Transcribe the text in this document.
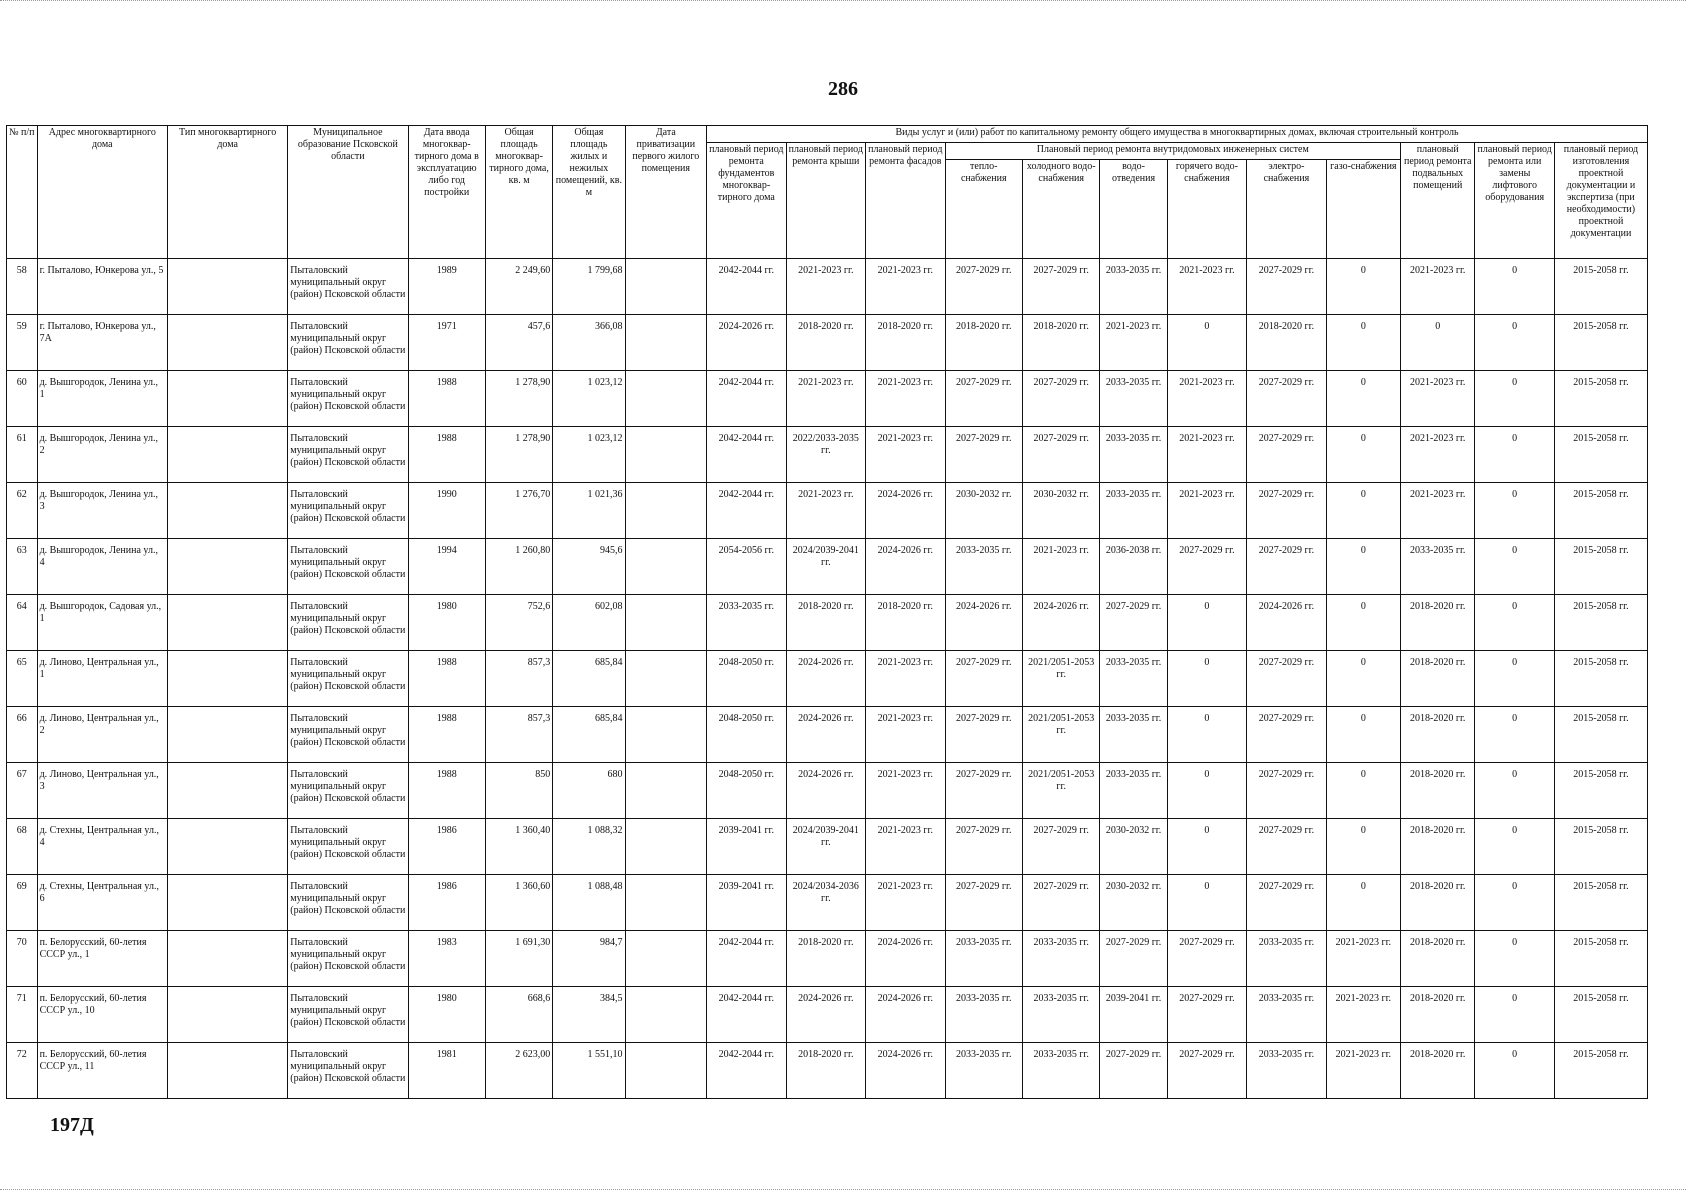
286
№ п/п	Адрес многоквартирного дома	Тип многоквартирного дома	Муниципальное образование Псковской области	Дата ввода многоквар-тирного дома в эксплуатацию либо год постройки	Общая площадь многоквар-тирного дома, кв. м	Общая площадь жилых и нежилых помещений, кв. м	Дата приватизации первого жилого помещения	Виды услуг и (или) работ по капитальному ремонту общего имущества в многоквартирных домах, включая строительный контроль											
								плановый период ремонта фундаментов многоквар-тирного дома	плановый период ремонта крыши	плановый период ремонта фасадов	Плановый период ремонта внутридомовых инженерных систем						плановый период ремонта подвальных помещений	плановый период ремонта или замены лифтового оборудования	плановый период изготовления проектной документации и экспертиза (при необходимости) проектной документации
											тепло-снабжения	холодного водо-снабжения	водо-отведения	горячего водо-снабжения	электро-снабжения	газо-снабжения			
58	г. Пыталово, Юнкерова ул., 5		Пыталовский муниципальный округ (район) Псковской области	1989	2 249,60	1 799,68		2042-2044 гг.	2021-2023 гг.	2021-2023 гг.	2027-2029 гг.	2027-2029 гг.	2033-2035 гг.	2021-2023 гг.	2027-2029 гг.	0	2021-2023 гг.	0	2015-2058 гг.
59	г. Пыталово, Юнкерова ул., 7А		Пыталовский муниципальный округ (район) Псковской области	1971	457,6	366,08		2024-2026 гг.	2018-2020 гг.	2018-2020 гг.	2018-2020 гг.	2018-2020 гг.	2021-2023 гг.	0	2018-2020 гг.	0	0	0	2015-2058 гг.
60	д. Вышгородок, Ленина ул., 1		Пыталовский муниципальный округ (район) Псковской области	1988	1 278,90	1 023,12		2042-2044 гг.	2021-2023 гг.	2021-2023 гг.	2027-2029 гг.	2027-2029 гг.	2033-2035 гг.	2021-2023 гг.	2027-2029 гг.	0	2021-2023 гг.	0	2015-2058 гг.
61	д. Вышгородок, Ленина ул., 2		Пыталовский муниципальный округ (район) Псковской области	1988	1 278,90	1 023,12		2042-2044 гг.	2022/2033-2035 гг.	2021-2023 гг.	2027-2029 гг.	2027-2029 гг.	2033-2035 гг.	2021-2023 гг.	2027-2029 гг.	0	2021-2023 гг.	0	2015-2058 гг.
62	д. Вышгородок, Ленина ул., 3		Пыталовский муниципальный округ (район) Псковской области	1990	1 276,70	1 021,36		2042-2044 гг.	2021-2023 гг.	2024-2026 гг.	2030-2032 гг.	2030-2032 гг.	2033-2035 гг.	2021-2023 гг.	2027-2029 гг.	0	2021-2023 гг.	0	2015-2058 гг.
63	д. Вышгородок, Ленина ул., 4		Пыталовский муниципальный округ (район) Псковской области	1994	1 260,80	945,6		2054-2056 гг.	2024/2039-2041 гг.	2024-2026 гг.	2033-2035 гг.	2021-2023 гг.	2036-2038 гг.	2027-2029 гг.	2027-2029 гг.	0	2033-2035 гг.	0	2015-2058 гг.
64	д. Вышгородок, Садовая ул., 1		Пыталовский муниципальный округ (район) Псковской области	1980	752,6	602,08		2033-2035 гг.	2018-2020 гг.	2018-2020 гг.	2024-2026 гг.	2024-2026 гг.	2027-2029 гг.	0	2024-2026 гг.	0	2018-2020 гг.	0	2015-2058 гг.
65	д. Линово, Центральная ул., 1		Пыталовский муниципальный округ (район) Псковской области	1988	857,3	685,84		2048-2050 гг.	2024-2026 гг.	2021-2023 гг.	2027-2029 гг.	2021/2051-2053 гг.	2033-2035 гг.	0	2027-2029 гг.	0	2018-2020 гг.	0	2015-2058 гг.
66	д. Линово, Центральная ул., 2		Пыталовский муниципальный округ (район) Псковской области	1988	857,3	685,84		2048-2050 гг.	2024-2026 гг.	2021-2023 гг.	2027-2029 гг.	2021/2051-2053 гг.	2033-2035 гг.	0	2027-2029 гг.	0	2018-2020 гг.	0	2015-2058 гг.
67	д. Линово, Центральная ул., 3		Пыталовский муниципальный округ (район) Псковской области	1988	850	680		2048-2050 гг.	2024-2026 гг.	2021-2023 гг.	2027-2029 гг.	2021/2051-2053 гг.	2033-2035 гг.	0	2027-2029 гг.	0	2018-2020 гг.	0	2015-2058 гг.
68	д. Стехны, Центральная ул., 4		Пыталовский муниципальный округ (район) Псковской области	1986	1 360,40	1 088,32		2039-2041 гг.	2024/2039-2041 гг.	2021-2023 гг.	2027-2029 гг.	2027-2029 гг.	2030-2032 гг.	0	2027-2029 гг.	0	2018-2020 гг.	0	2015-2058 гг.
69	д. Стехны, Центральная ул., 6		Пыталовский муниципальный округ (район) Псковской области	1986	1 360,60	1 088,48		2039-2041 гг.	2024/2034-2036 гг.	2021-2023 гг.	2027-2029 гг.	2027-2029 гг.	2030-2032 гг.	0	2027-2029 гг.	0	2018-2020 гг.	0	2015-2058 гг.
70	п. Белорусский, 60-летия СССР ул., 1		Пыталовский муниципальный округ (район) Псковской области	1983	1 691,30	984,7		2042-2044 гг.	2018-2020 гг.	2024-2026 гг.	2033-2035 гг.	2033-2035 гг.	2027-2029 гг.	2027-2029 гг.	2033-2035 гг.	2021-2023 гг.	2018-2020 гг.	0	2015-2058 гг.
71	п. Белорусский, 60-летия СССР ул., 10		Пыталовский муниципальный округ (район) Псковской области	1980	668,6	384,5		2042-2044 гг.	2024-2026 гг.	2024-2026 гг.	2033-2035 гг.	2033-2035 гг.	2039-2041 гг.	2027-2029 гг.	2033-2035 гг.	2021-2023 гг.	2018-2020 гг.	0	2015-2058 гг.
72	п. Белорусский, 60-летия СССР ул., 11		Пыталовский муниципальный округ (район) Псковской области	1981	2 623,00	1 551,10		2042-2044 гг.	2018-2020 гг.	2024-2026 гг.	2033-2035 гг.	2033-2035 гг.	2027-2029 гг.	2027-2029 гг.	2033-2035 гг.	2021-2023 гг.	2018-2020 гг.	0	2015-2058 гг.
197Д
